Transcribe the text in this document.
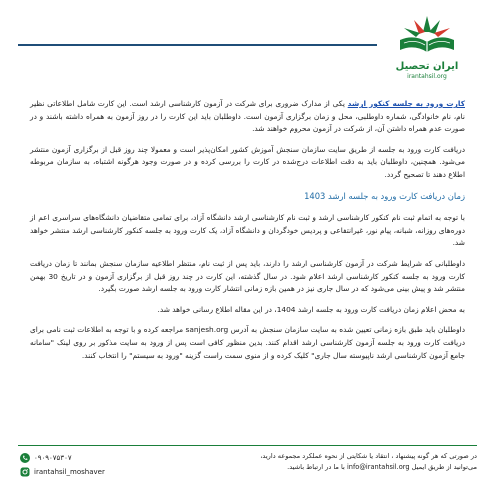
ایران تحصیل
irantahsil.org

کارت ورود به جلسه کنکور ارشد یکی از مدارک ضروری برای شرکت در آزمون کارشناسی ارشد است. این کارت شامل اطلاعاتی نظیر نام، نام خانوادگی، شماره داوطلبی، محل و زمان برگزاری آزمون است. داوطلبان باید این کارت را در روز آزمون به همراه داشته باشند و در صورت عدم همراه داشتن آن، از شرکت در آزمون محروم خواهند شد.

دریافت کارت ورود به جلسه از طریق سایت سازمان سنجش آموزش کشور امکان‌پذیر است و معمولا چند روز قبل از برگزاری آزمون منتشر می‌شود. همچنین، داوطلبان باید به دقت اطلاعات درج‌شده در کارت را بررسی کرده و در صورت وجود هرگونه اشتباه، به سازمان مربوطه اطلاع دهند تا تصحیح گردد.

زمان دریافت کارت ورود به جلسه ارشد 1403

با توجه به اتمام ثبت نام کنکور کارشناسی ارشد و ثبت نام کارشناسی ارشد دانشگاه آزاد، برای تمامی متقاضیان دانشگاه‌های سراسری اعم از دوره‌های روزانه، شبانه، پیام نور، غیرانتفاعی و پردیس خودگردان و دانشگاه آزاد، یک کارت ورود به جلسه کنکور کارشناسی ارشد منتشر خواهد شد.

داوطلبانی که شرایط شرکت در آزمون کارشناسی ارشد را دارند، باید پس از ثبت نام، منتظر اطلاعیه سازمان سنجش بمانند تا زمان دریافت کارت ورود به جلسه کنکور کارشناسی ارشد اعلام شود. در سال گذشته، این کارت در چند روز قبل از برگزاری آزمون و در تاریخ 30 بهمن منتشر شد و پیش بینی می‌شود که در سال جاری نیز در همین بازه زمانی انتشار کارت ورود به جلسه ارشد صورت بگیرد.

به محض اعلام زمان دریافت کارت ورود به جلسه ارشد 1404، در این مقاله اطلاع رسانی خواهد شد.

داوطلبان باید طبق بازه زمانی تعیین شده به سایت سازمان سنجش به آدرس sanjesh.org مراجعه کرده و با توجه به اطلاعات ثبت نامی برای دریافت کارت ورود به جلسه آزمون کارشناسی ارشد اقدام کنند. بدین منظور کافی است پس از ورود به سایت مذکور بر روی لینک "سامانه جامع آزمون کارشناسی ارشد ناپیوسته سال جاری" کلیک کرده و از منوی سمت راست گزینه "ورود به سیستم" را انتخاب کنند.

۰۹۰۹۰۷۵۳۰۷
irantahsil_moshaver
در صورتی که هر گونه پیشنهاد ، انتقاد یا شکایتی از نحوه عملکرد مجموعه دارید،
می‌توانید از طریق ایمیل info@irantahsil.org با ما در ارتباط باشید.
